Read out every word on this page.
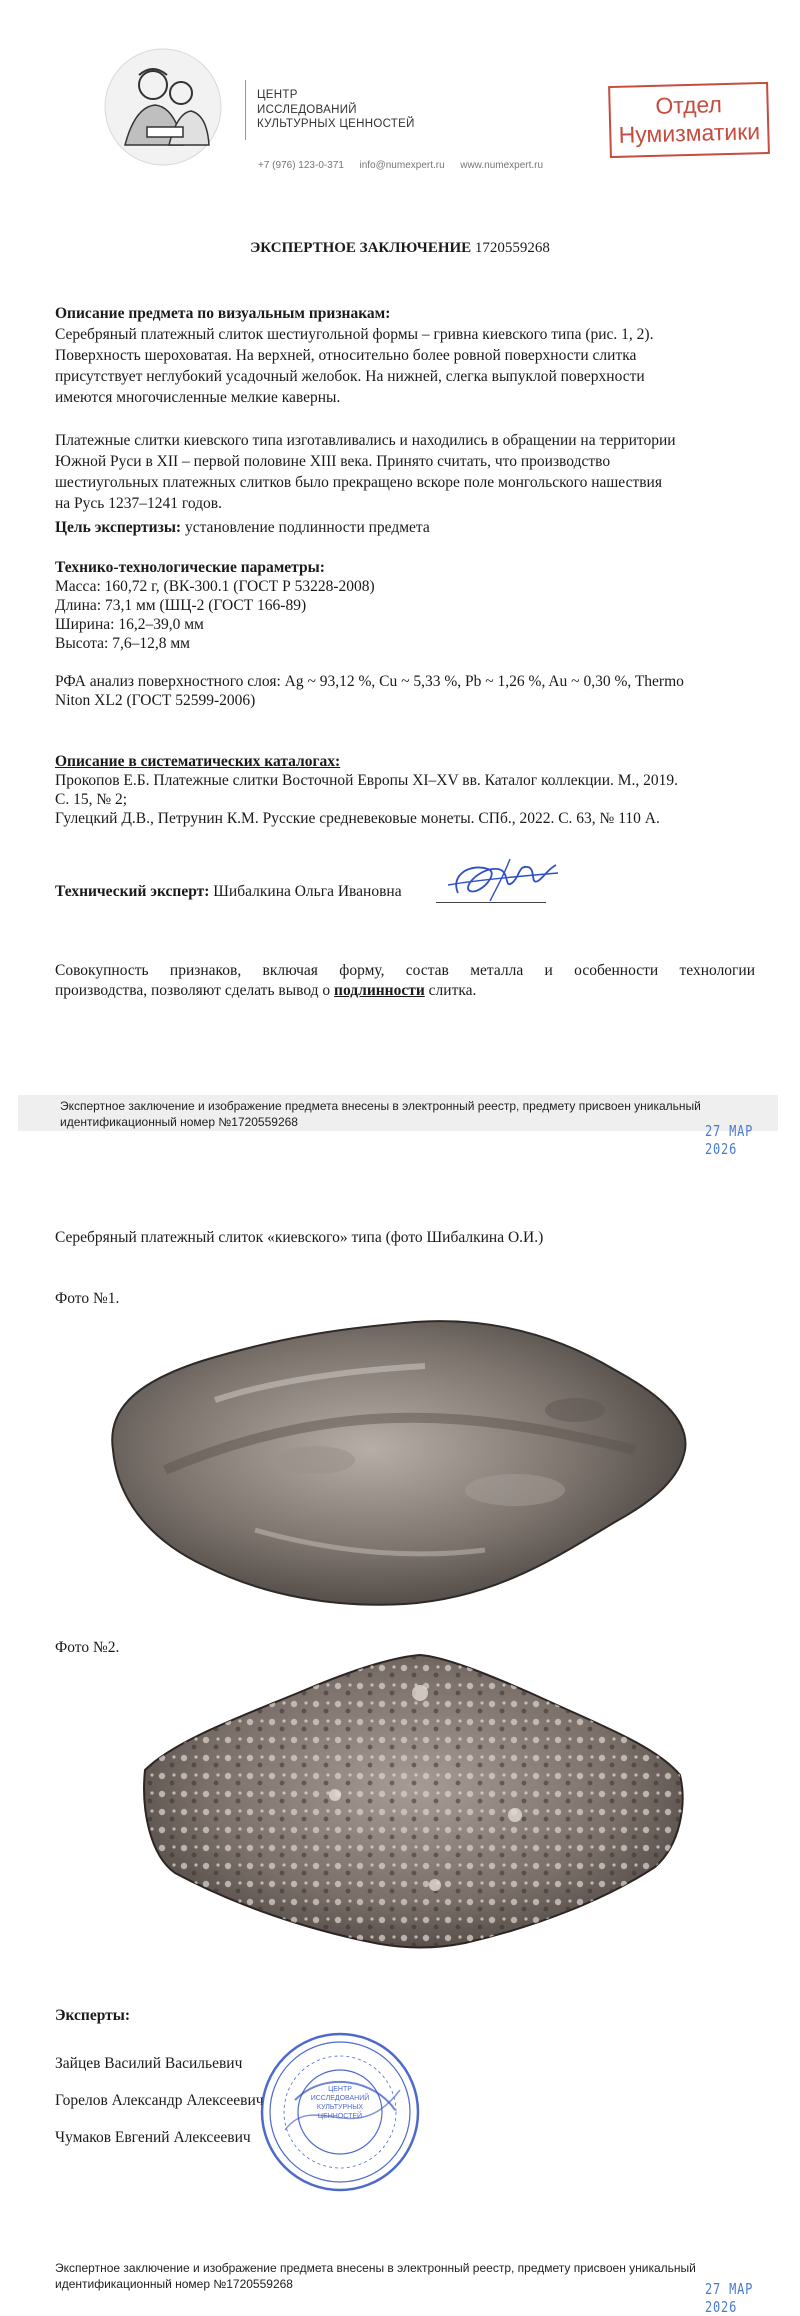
ЦЕНТР
ИССЛЕДОВАНИЙ
КУЛЬТУРНЫХ ЦЕННОСТЕЙ
+7 (976) 123-0-371 info@numexpert.ru www.numexpert.ru
Отдел
Нумизматики
ЭКСПЕРТНОЕ ЗАКЛЮЧЕНИЕ 1720559268
Описание предмета по визуальным признакам:
Серебряный платежный слиток шестиугольной формы – гривна киевского типа (рис. 1, 2).
Поверхность шероховатая. На верхней, относительно более ровной поверхности слитка
присутствует неглубокий усадочный желобок. На нижней, слегка выпуклой поверхности
имеются многочисленные мелкие каверны.
Платежные слитки киевского типа изготавливались и находились в обращении на территории
Южной Руси в XII – первой половине XIII века. Принято считать, что производство
шестиугольных платежных слитков было прекращено вскоре поле монгольского нашествия
на Русь 1237–1241 годов.
Цель экспертизы: установление подлинности предмета
Технико-технологические параметры:
Масса: 160,72 г, (ВК-300.1 (ГОСТ Р 53228-2008)
Длина: 73,1 мм (ШЦ-2 (ГОСТ 166-89)
Ширина: 16,2–39,0 мм
Высота: 7,6–12,8 мм
РФА анализ поверхностного слоя: Ag ~ 93,12 %, Cu ~ 5,33 %, Pb ~ 1,26 %, Au ~ 0,30 %, Thermo
Niton XL2 (ГОСТ 52599-2006)
Описание в систематических каталогах:
Прокопов Е.Б. Платежные слитки Восточной Европы XI–XV вв. Каталог коллекции. М., 2019.
С. 15, № 2;
Гулецкий Д.В., Петрунин К.М. Русские средневековые монеты. СПб., 2022. С. 63, № 110 А.
Технический эксперт: Шибалкина Ольга Ивановна
Совокупность признаков, включая форму, состав металла и особенности технологии
производства, позволяют сделать вывод о подлинности слитка.
Экспертное заключение и изображение предмета внесены в электронный реестр, предмету присвоен уникальный
идентификационный номер №1720559268	27 МАР 2026
Серебряный платежный слиток «киевского» типа (фото Шибалкина О.И.)
Фото №1.
Фото №2.
Эксперты:
Зайцев Василий Васильевич
Горелов Александр Алексеевич
Чумаков Евгений Алексеевич
ЦЕНТР
ИССЛЕДОВАНИЙ
КУЛЬТУРНЫХ
ЦЕННОСТЕЙ
Экспертное заключение и изображение предмета внесены в электронный реестр, предмету присвоен уникальный
идентификационный номер №1720559268	27 МАР 2026
